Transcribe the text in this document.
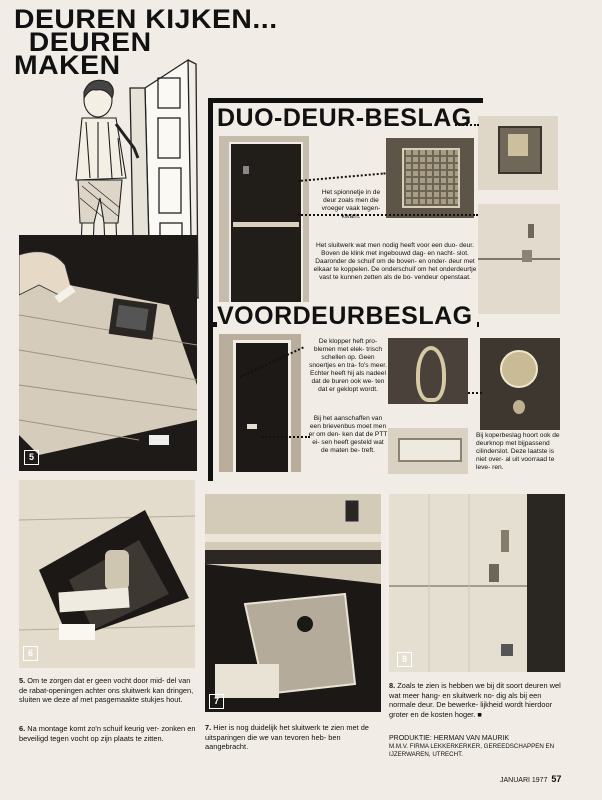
DEUREN KIJKEN...
DEUREN
MAKEN
5
DUO-DEUR-BESLAG
Het spionnetje in de deur zoals men die vroeger vaak tegen- kwam.
Het sluitwerk wat men nodig heeft voor een duo- deur. Boven de klink met ingebouwd dag- en nacht- slot. Daaronder de schuif om de boven- en onder- deur met elkaar te koppelen. De onderschuif om het onderdeurtje vast te kunnen zetten als de bo- vendeur openstaat.
VOORDEURBESLAG
De klopper heft pro- blemen met elek- trisch schellen op. Geen snoertjes en tra- fo's meer. Echter heeft hij als nadeel dat de buren ook we- ten dat er geklopt wordt.
Bij het aanschaffen van een brievenbus moet men er om den- ken dat de PTT ei- sen heeft gesteld wat de maten be- treft.
Bij koperbeslag hoort ook de deurknop met bijpassend cilinderslot. Deze laatste is niet over- al uit voorraad te leve- ren.
6
7
8
5. Om te zorgen dat er geen vocht door mid- del van de rabat-openingen achter ons sluitwerk kan dringen, sluiten we deze af met pasgemaakte stukjes hout.
6. Na montage komt zo'n schuif keurig ver- zonken en beveiligd tegen vocht op zijn plaats te zitten.
7. Hier is nog duidelijk het sluitwerk te zien met de uitsparingen die we van tevoren heb- ben aangebracht.
8. Zoals te zien is hebben we bij dit soort deuren wel wat meer hang- en sluitwerk no- dig als bij een normale deur. De bewerke- lijkheid wordt hierdoor groter en de kosten hoger. ■
PRODUKTIE: HERMAN VAN MAURIK
M.M.V. FIRMA LEKKERKERKER, GEREEDSCHAPPEN EN IJZERWAREN, UTRECHT.
JANUARI 1977 57
